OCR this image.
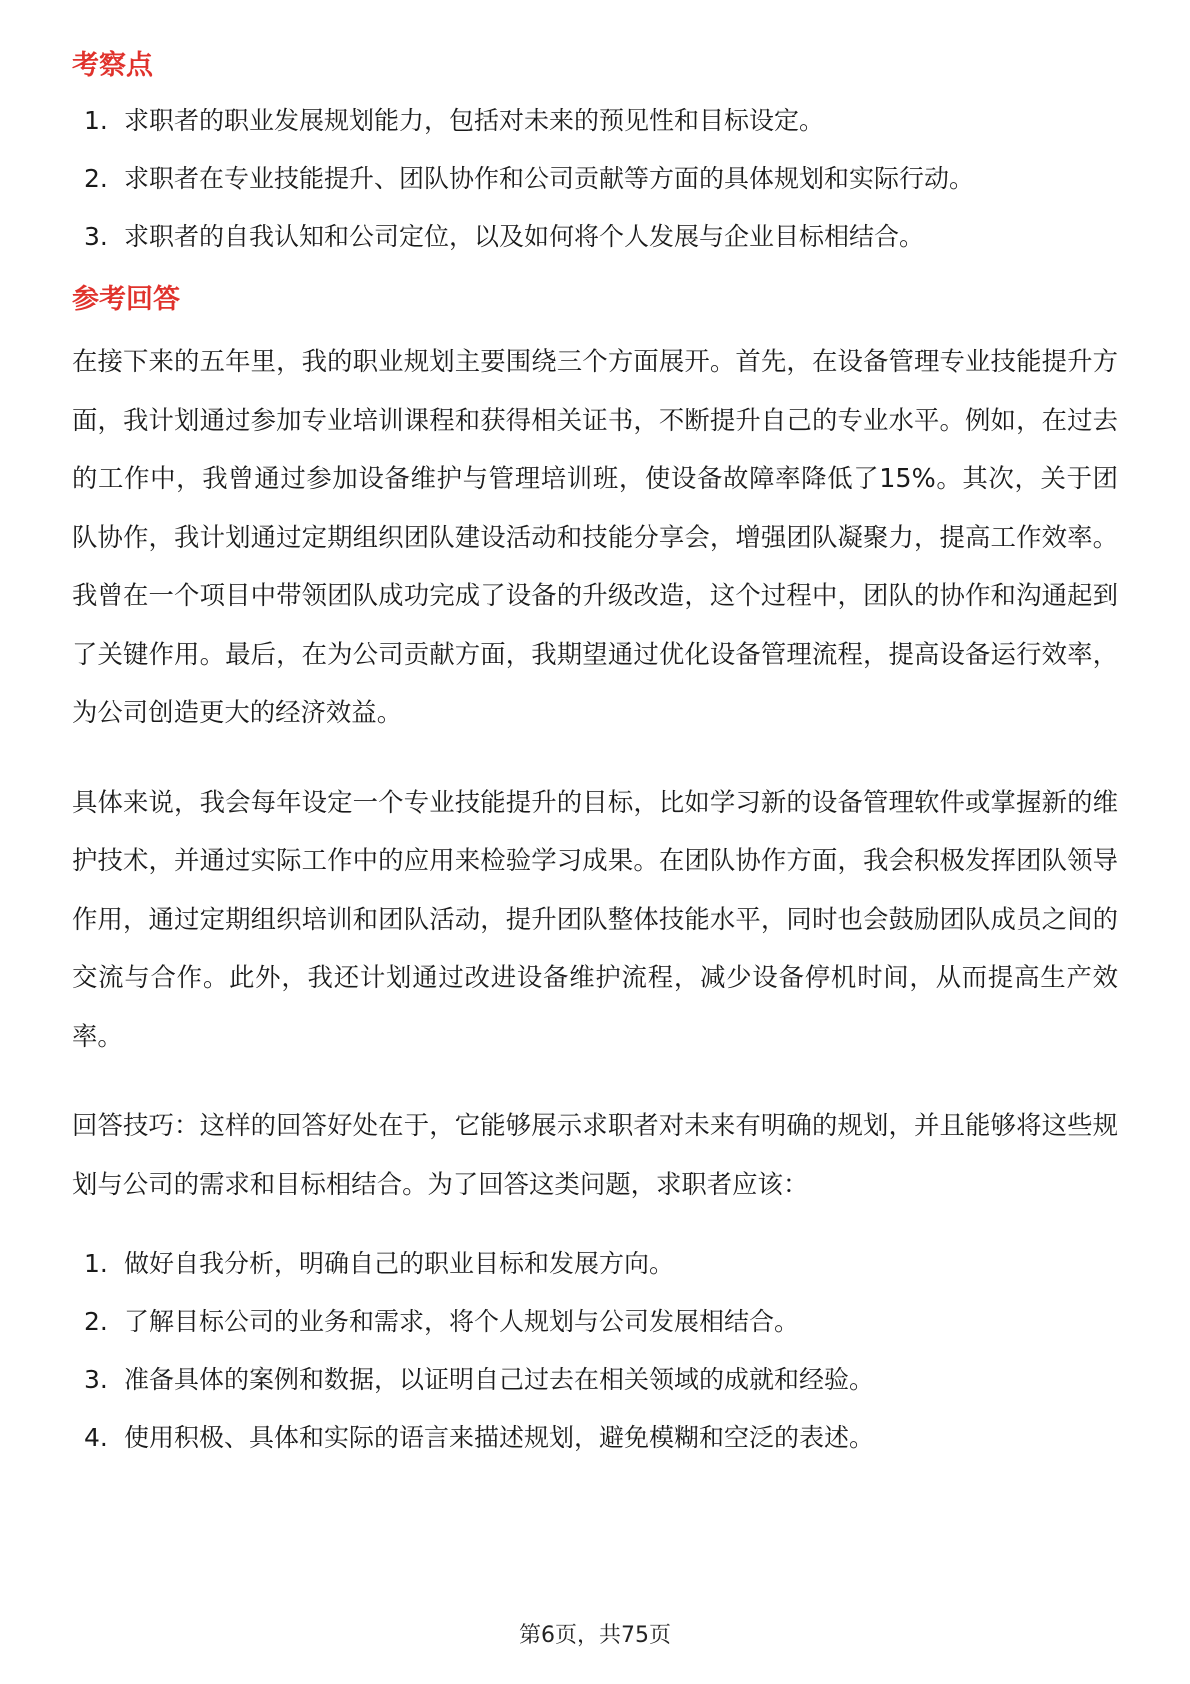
考察点
1. 求职者的职业发展规划能力，包括对未来的预见性和目标设定。
2. 求职者在专业技能提升、团队协作和公司贡献等方面的具体规划和实际行动。
3. 求职者的自我认知和公司定位，以及如何将个人发展与企业目标相结合。
参考回答

在接下来的五年里，我的职业规划主要围绕三个方面展开。首先，在设备管理专业技能提升方面，我计划通过参加专业培训课程和获得相关证书，不断提升自己的专业水平。例如，在过去的工作中，我曾通过参加设备维护与管理培训班，使设备故障率降低了15%。其次，关于团队协作，我计划通过定期组织团队建设活动和技能分享会，增强团队凝聚力，提高工作效率。我曾在一个项目中带领团队成功完成了设备的升级改造，这个过程中，团队的协作和沟通起到了关键作用。最后，在为公司贡献方面，我期望通过优化设备管理流程，提高设备运行效率，为公司创造更大的经济效益。

具体来说，我会每年设定一个专业技能提升的目标，比如学习新的设备管理软件或掌握新的维护技术，并通过实际工作中的应用来检验学习成果。在团队协作方面，我会积极发挥团队领导作用，通过定期组织培训和团队活动，提升团队整体技能水平，同时也会鼓励团队成员之间的交流与合作。此外，我还计划通过改进设备维护流程，减少设备停机时间，从而提高生产效率。

回答技巧：这样的回答好处在于，它能够展示求职者对未来有明确的规划，并且能够将这些规划与公司的需求和目标相结合。为了回答这类问题，求职者应该：

1. 做好自我分析，明确自己的职业目标和发展方向。
2. 了解目标公司的业务和需求，将个人规划与公司发展相结合。
3. 准备具体的案例和数据，以证明自己过去在相关领域的成就和经验。
4. 使用积极、具体和实际的语言来描述规划，避免模糊和空泛的表述。
第6页，共75页
